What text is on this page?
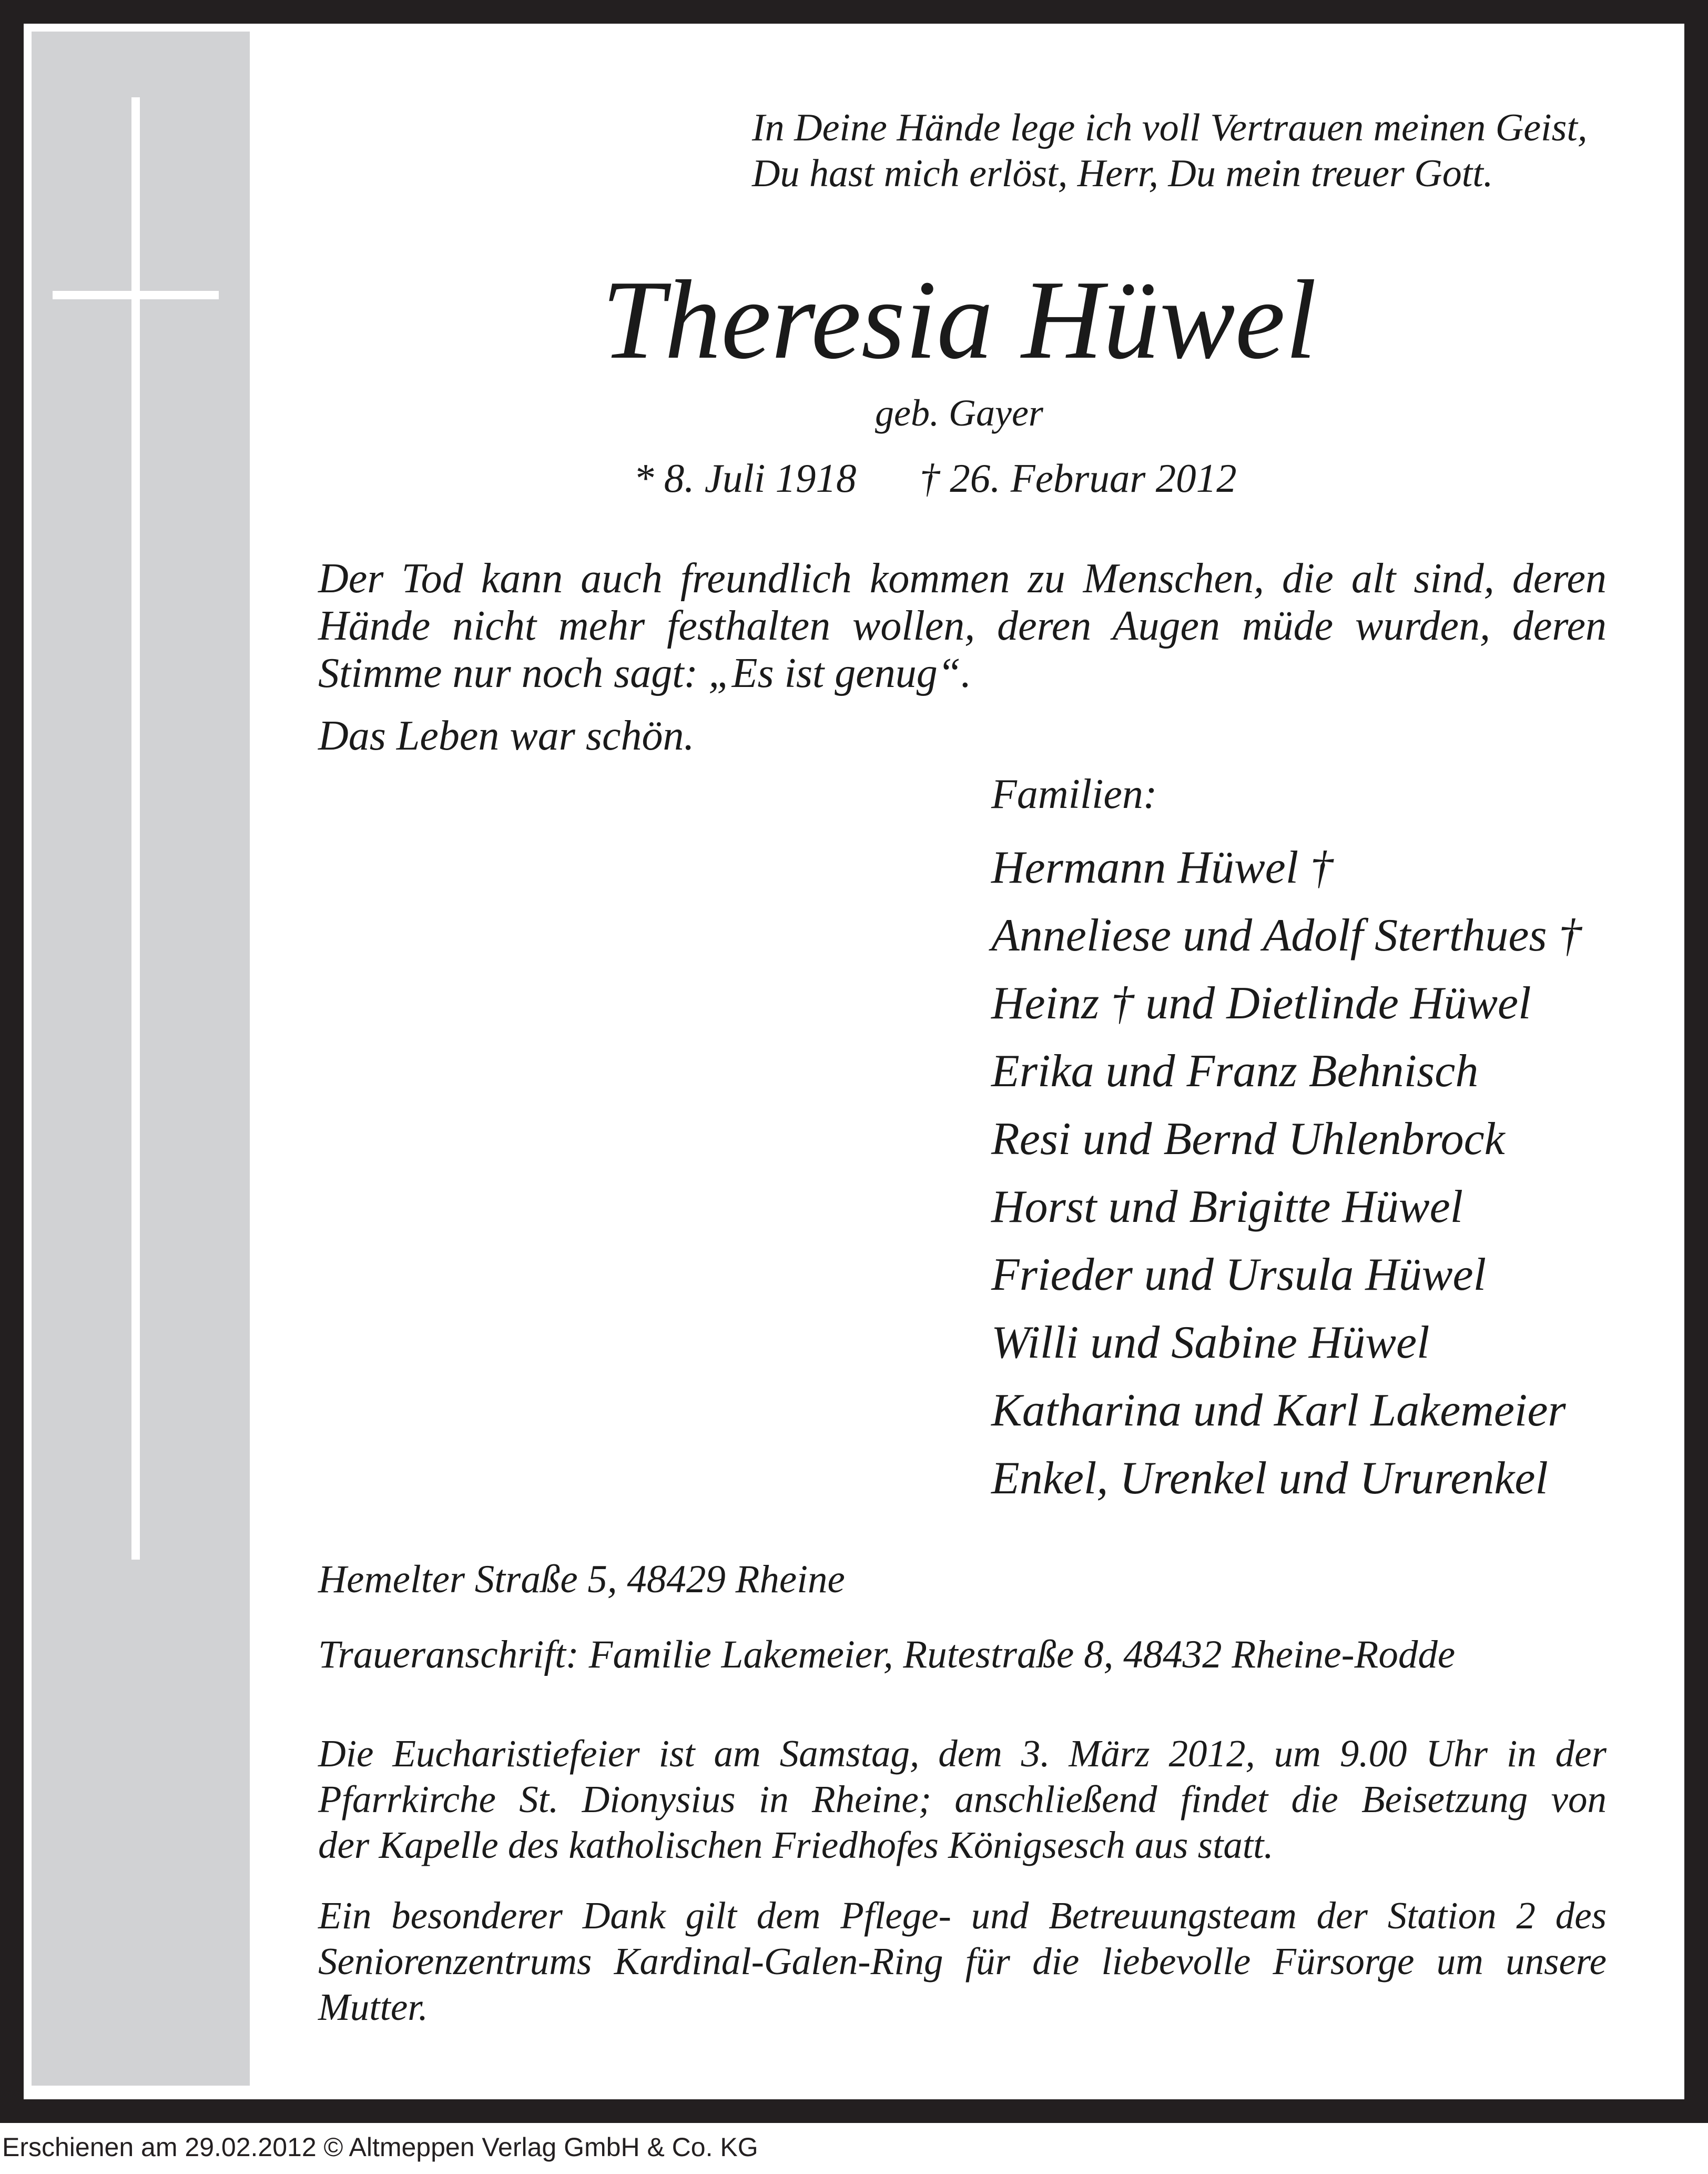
In Deine Hände lege ich voll Vertrauen meinen Geist,
Du hast mich erlöst, Herr, Du mein treuer Gott.
Theresia Hüwel
geb. Gayer
* 8. Juli 1918 † 26. Februar 2012
Der Tod kann auch freundlich kommen zu Menschen, die alt sind, deren
Hände nicht mehr festhalten wollen, deren Augen müde wurden, deren
Stimme nur noch sagt: „Es ist genug“.
Das Leben war schön.
Familien:
Hermann Hüwel †
Anneliese und Adolf Sterthues †
Heinz † und Dietlinde Hüwel
Erika und Franz Behnisch
Resi und Bernd Uhlenbrock
Horst und Brigitte Hüwel
Frieder und Ursula Hüwel
Willi und Sabine Hüwel
Katharina und Karl Lakemeier
Enkel, Urenkel und Ururenkel
Hemelter Straße 5, 48429 Rheine
Traueranschrift: Familie Lakemeier, Rutestraße 8, 48432 Rheine-Rodde
Die Eucharistiefeier ist am Samstag, dem 3. März 2012, um 9.00 Uhr in der
Pfarrkirche St. Dionysius in Rheine; anschließend findet die Beisetzung von
der Kapelle des katholischen Friedhofes Königsesch aus statt.
Ein besonderer Dank gilt dem Pflege- und Betreuungsteam der Station 2 des
Seniorenzentrums Kardinal-Galen-Ring für die liebevolle Fürsorge um unsere
Mutter.
Erschienen am 29.02.2012 © Altmeppen Verlag GmbH & Co. KG
